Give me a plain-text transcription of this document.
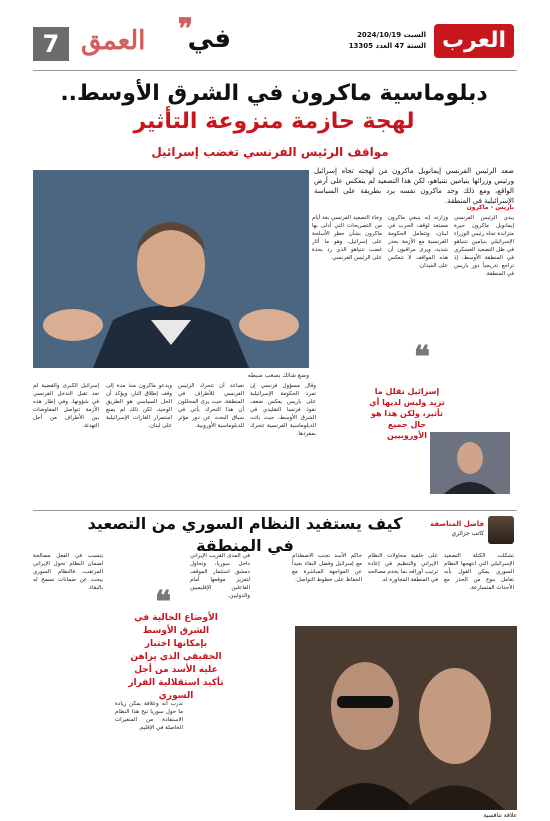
7	❞
في
العمق	العرب
السبت 2024/10/19
السنة 47 العدد 13305
دبلوماسية ماكرون في الشرق الأوسط..
لهجة حازمة منزوعة التأثير
مواقف الرئيس الفرنسي تغضب إسرائيل
صعد الرئيس الفرنسي إيمانويل ماكرون من لهجته تجاه إسرائيل ورئيس وزرائها بنيامين نتنياهو، لكن هذا التصعيد لم ينعكس على أرض الواقع، ومع ذلك وجد ماكرون نفسه يرد بطريقة على السياسة الإسرائيلية في المنطقة.
باريس - ماكرون
وضع شائك يصعب ضبطه
يبدي الرئيس الفرنسي إيمانويل ماكرون حيرة متزايدة تجاه رئيس الوزراء الإسرائيلي بنيامين نتنياهو في ظل التصعيد العسكري في المنطقة الأوسط، إذ تراجع تدريجياً دور باريس في المنطقة.
وزارته إنه ينبغي ماكرون مستعد لوقف الحرب في لبنان، وتتعامل الحكومة الفرنسية مع الأزمة بحذر شديد، ويرى مراقبون أن هذه المواقف لا تنعكس على الميدان.
وجاء التصعيد الفرنسي بعد أيام من التصريحات التي أدلى بها ماكرون بشأن حظر الأسلحة على إسرائيل، وهو ما أثار غضب نتنياهو الذي رد بحدة على الرئيس الفرنسي.
وقال مسؤول فرنسي إن تمرد الحكومة الإسرائيلية على باريس يعكس ضعف نفوذ فرنسا التقليدي في الشرق الأوسط، حيث باتت الدبلوماسية الفرنسية تتحرك بمفردها.
تصاعد أن تتحرك الرئيس الفرنسي للأطراف في المنطقة، حيث يرى المحللون أن هذا التحرك يأتي في سياق البحث عن دور مؤثر للدبلوماسية الأوروبية.
ويدعو ماكرون منذ مدة إلى وقف إطلاق النار، ويؤكد أن الحل السياسي هو الطريق الوحيد، لكن ذلك لم يمنع استمرار الغارات الإسرائيلية على لبنان.
إسرائيل الكبرى والقضية لم تعد تقبل التدخل الفرنسي في شؤونها، وفي إطار هذه الأزمة تتواصل المفاوضات بين الأطراف من أجل التهدئة.
❝
إسرائيل تقلل ما تريد وليس لديها أي تأثير، ولكن هذا هو حال جميع الأوروبيين
كيف يستفيد النظام السوري من التصعيد في المنطقة
فاضل المناصفة
كاتب جزائري
تشكلت الكتلة التصعيد الإسرائيلي التي انتهجها النظام السوري يمكن القول بأنه تعامل بنوع من الحذر مع الأحداث المتسارعة.
على خلفية محاولات النظام الإيراني والتنظيم في إعادة ترتيب أوراقه بما يخدم مصالحه في المنطقة المجاورة له.
حاكم الأسد تجنب الاصطدام مع إسرائيل وفضل البقاء بعيداً عن المواجهة المباشرة مع الحفاظ على خطوط التواصل.
في المدى القريب الإيراني داخل سوريا، وتحاول دمشق استثمار الموقف لتعزيز موقعها أمام الفاعلين الإقليميين والدوليين.
تدرب أنه وعلاقة يمكن زيادة ما حول سوريا تيح هذا النظام الاستفادة من المتغيرات الحاصلة في الإقليم.
يتسبب في الفعل مصالحة لضمان النظام تحول الإيراني المرتقب، فالنظام السوري يبحث عن ضمانات تسمح له بالبقاء. ❝
الأوضاع الحالية في الشرق الأوسط بإمكانها اختبار الحقيقي الذي يراهن عليه الأسد من أجل تأكيد استقلالية القرار السوري
علاقة تنافسية
